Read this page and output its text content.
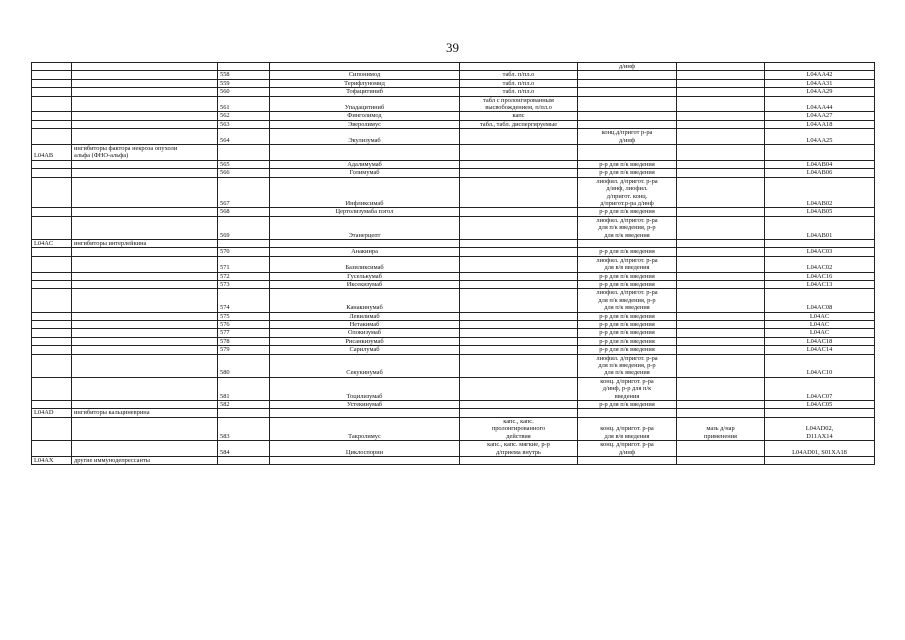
39

					д/инф		

		558	Сипонимод	табл. п/пл.о			L04AA42

		559	Терифлуномид	табл. п/пл.о			L04AA31

		560	Тофацитиниб	табл. п/пл.о			L04AA29

		561	Упадацитиниб	табл с пролонгированным
высвобождением, п/пл.о			L04AA44

		562	Финголимод	капс			L04AA27

		563	Эверолимус	табл., табл. диспергируемые			L04AA18

		564	Экулизумаб		конц.д/пригот р-ра
д/инф		L04AA25

L04AB	ингибиторы фактора некроза опухоли
альфа (ФНО-альфа)						

		565	Адалимумаб		р-р для п/к введения		L04AB04

		566	Голимумаб		р-р для п/к введения		L04AB06

		567	Инфликсимаб		лиофил. д/пригот. р-ра
д/инф, лиофил.
д/пригот. конц.
д/пригот.р-ра д/инф		L04AB02

		568	Цертолизумаба пэгол		р-р для п/к введения		L04AB05

		569	Этанерцепт		лиофил. д/пригот. р-ра
для п/к введения, р-р
для п/к введения		L04AB01

L04AC	ингибиторы интерлейкина						

		570	Анакинра		р-р для п/к введения		L04AC03

		571	Базиликсимаб		лиофил. д/пригот. р-ра
для в/в введения		L04AC02

		572	Гуселькумаб		р-р для п/к введения		L04AC16

		573	Иксекизумаб		р-р для п/к введения		L04AC13

		574	Канакинумаб		лиофил. д/пригот. р-ра
для п/к введения, р-р
для п/к введения		L04AC08

		575	Левилимаб		р-р для п/к введения		L04AC

		576	Нетакимаб		р-р для п/к введения		L04AC

		577	Олокизумаб		р-р для п/к введения		L04AC

		578	Рисанкизумаб		р-р для п/к введения		L04AC18

		579	Сарилумаб		р-р для п/к введения		L04AC14

		580	Секукинумаб		лиофил. д/пригот. р-ра
для п/к введения, р-р
для п/к введения		L04AC10

		581	Тоцилизумаб		конц. д/пригот. р-ра
д/инф, р-р для п/к
введения		L04AC07

		582	Устекинумаб		р-р для п/к введения		L04AC05

L04AD	ингибиторы кальциневрина						

		583	Такролимус	капс., капс.
пролонгированного
действия	конц. д/пригот. р-ра
для в/в введения	мазь д/нар
применения	L04AD02,
D11AX14

		584	Циклоспорин	капс., капс. мягкие, р-р
д/приема внутрь	конц. д/пригот. р-ра
д/инф		L04AD01, S01XA18

L04AX	другие иммунодепрессанты						
